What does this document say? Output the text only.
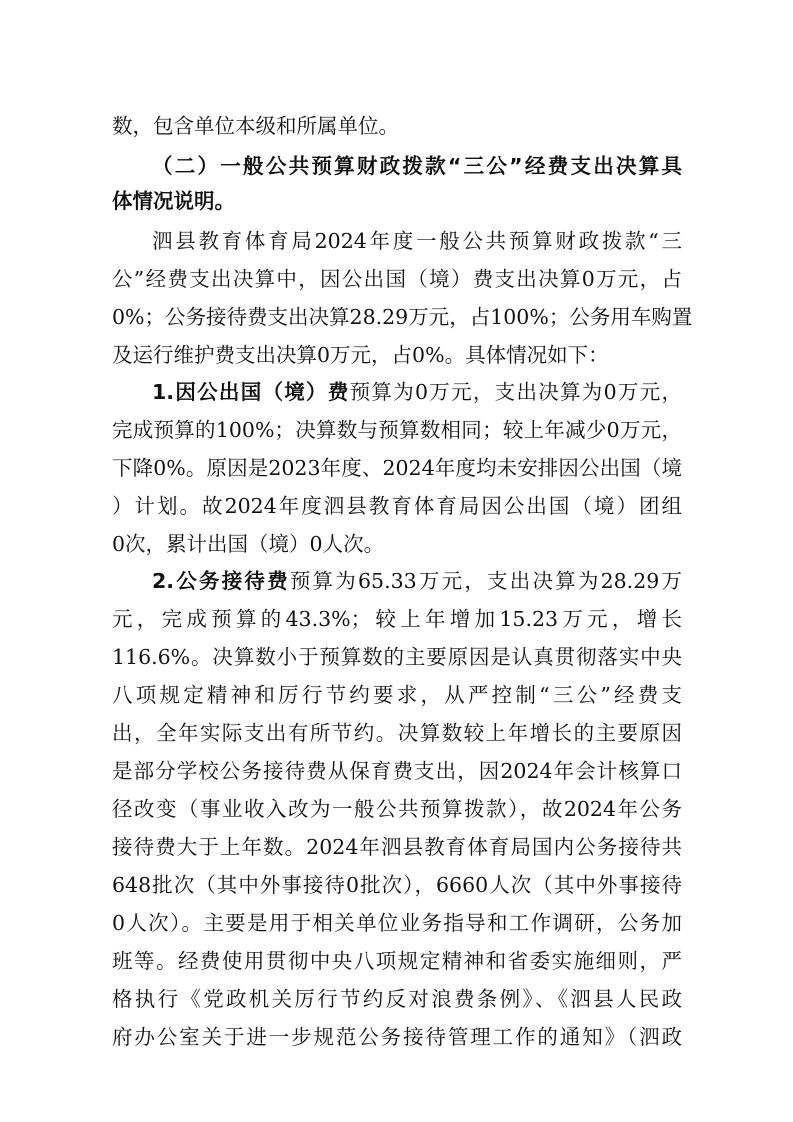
数，包含单位本级和所属单位。
（二）一般公共预算财政拨款“三公”经费支出决算具
体情况说明。
泗县教育体育局2024年度一般公共预算财政拨款“三
公”经费支出决算中，因公出国（境）费支出决算0万元，占
0%；公务接待费支出决算28.29万元，占100%；公务用车购置
及运行维护费支出决算0万元，占0%。具体情况如下：
1.因公出国（境）费预算为0万元，支出决算为0万元，
完成预算的100%；决算数与预算数相同；较上年减少0万元，
下降0%。原因是2023年度、2024年度均未安排因公出国（境
）计划。故2024年度泗县教育体育局因公出国（境）团组
0次，累计出国（境）0人次。
2.公务接待费预算为65.33万元，支出决算为28.29万
元，完成预算的43.3%；较上年增加15.23万元，增长
116.6%。决算数小于预算数的主要原因是认真贯彻落实中央
八项规定精神和厉行节约要求，从严控制“三公”经费支
出，全年实际支出有所节约。决算数较上年增长的主要原因
是部分学校公务接待费从保育费支出，因2024年会计核算口
径改变（事业收入改为一般公共预算拨款），故2024年公务
接待费大于上年数。2024年泗县教育体育局国内公务接待共
648批次（其中外事接待0批次），6660人次（其中外事接待
0人次）。主要是用于相关单位业务指导和工作调研，公务加
班等。经费使用贯彻中央八项规定精神和省委实施细则，严
格执行《党政机关厉行节约反对浪费条例》、《泗县人民政
府办公室关于进一步规范公务接待管理工作的通知》（泗政
